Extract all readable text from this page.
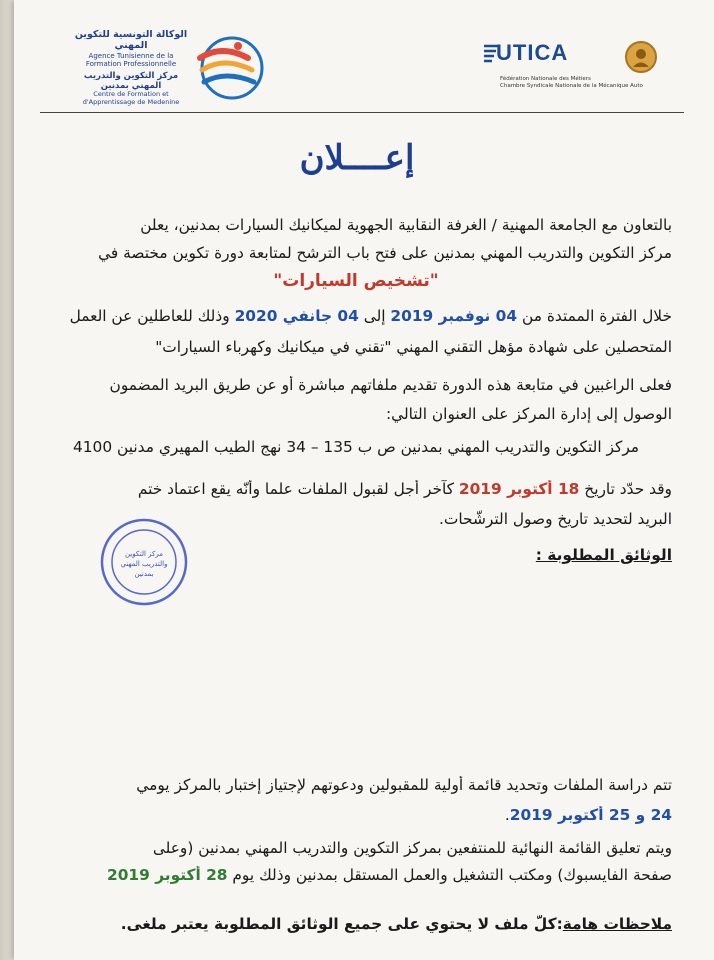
الوكالة التونسية للتكوين المهني
Agence Tunisienne de la Formation Professionnelle
مركز التكوين والتدريب المهني بمدنين
Centre de Formation et d'Apprentissage de Medenine
UTICA
Fédération Nationale des Métiers
Chambre Syndicale Nationale de la Mécanique Auto
إعــــلان
بالتعاون مع الجامعة المهنية / الغرفة النقابية الجهوية لميكانيك السيارات بمدنين، يعلن
مركز التكوين والتدريب المهني بمدنين على فتح باب الترشح لمتابعة دورة تكوين مختصة في
"تشخيص السيارات"
خلال الفترة الممتدة من 04 نوفمبر 2019 إلى 04 جانفي 2020 وذلك للعاطلين عن العمل
المتحصلين على شهادة مؤهل التقني المهني "تقني في ميكانيك وكهرباء السيارات"
فعلى الراغبين في متابعة هذه الدورة تقديم ملفاتهم مباشرة أو عن طريق البريد المضمون
الوصول إلى إدارة المركز على العنوان التالي:
مركز التكوين والتدريب المهني بمدنين ص ب 135 – 34 نهج الطيب المهيري مدنين 4100
وقد حدّد تاريخ 18 أكتوبر 2019 كآخر أجل لقبول الملفات علما وأنّه يقع اعتماد ختم
البريد لتحديد تاريخ وصول الترشّحات.
الوثائق المطلوبة :
تتم دراسة الملفات وتحديد قائمة أولية للمقبولين ودعوتهم لإجتياز إختبار بالمركز يومي
24 و 25 أكتوبر 2019.
ويتم تعليق القائمة النهائية للمنتفعين بمركز التكوين والتدريب المهني بمدنين (وعلى
صفحة الفايسبوك) ومكتب التشغيل والعمل المستقل بمدنين وذلك يوم 28 أكتوبر 2019
ملاحظات هامة:كلّ ملف لا يحتوي على جميع الوثائق المطلوبة يعتبر ملغى.
مركز التكوين
والتدريب المهني
بمدنين
